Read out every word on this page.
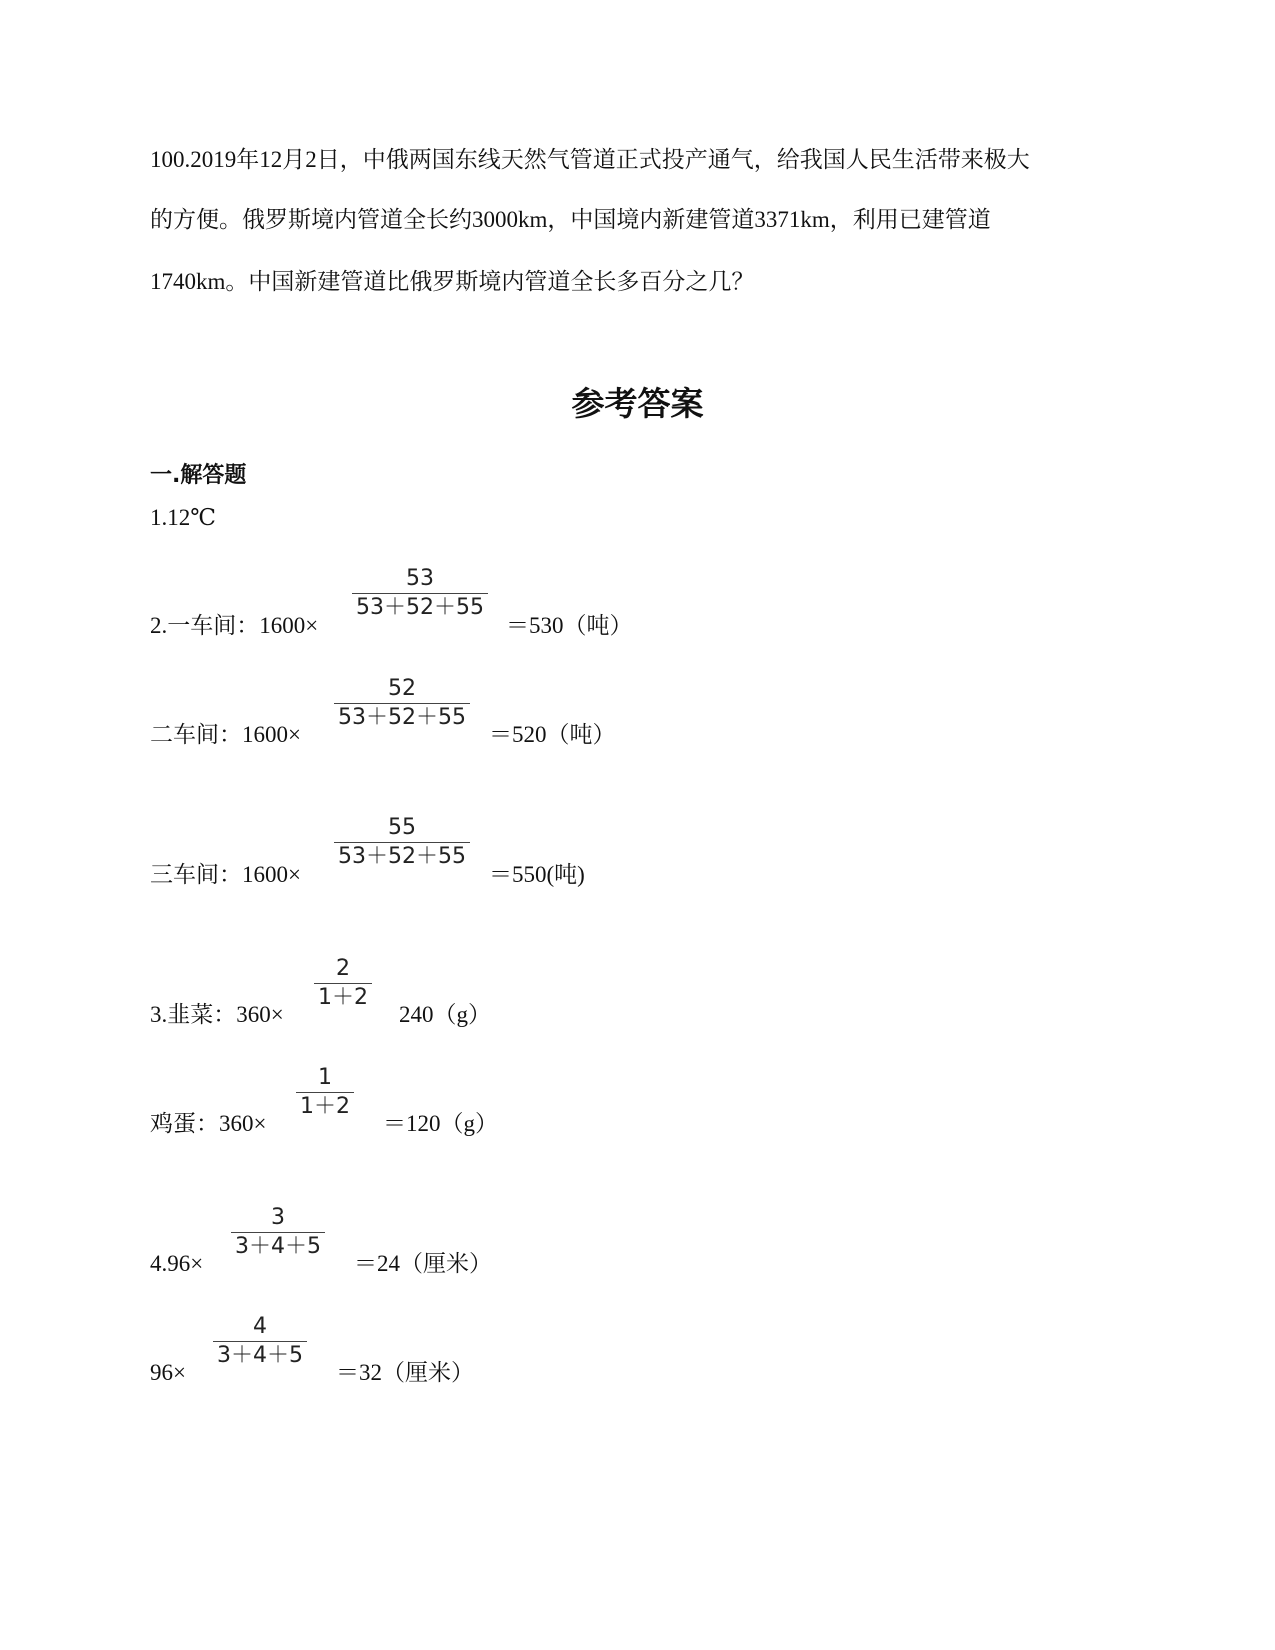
100.2019年12月2日，中俄两国东线天然气管道正式投产通气，给我国人民生活带来极大
的方便。俄罗斯境内管道全长约3000km，中国境内新建管道3371km，利用已建管道
1740km。中国新建管道比俄罗斯境内管道全长多百分之几？
参考答案
一.解答题
1.12℃
2.一车间：1600×
53
53＋52＋55
＝530（吨）
二车间：1600×
52
53＋52＋55
＝520（吨）
三车间：1600×
55
53＋52＋55
＝550(吨)
3.韭菜：360×
2
1＋2
240（g）
鸡蛋：360×
1
1＋2
＝120（g）
4.96×
3
3＋4＋5
＝24（厘米）
96×
4
3＋4＋5
＝32（厘米）
